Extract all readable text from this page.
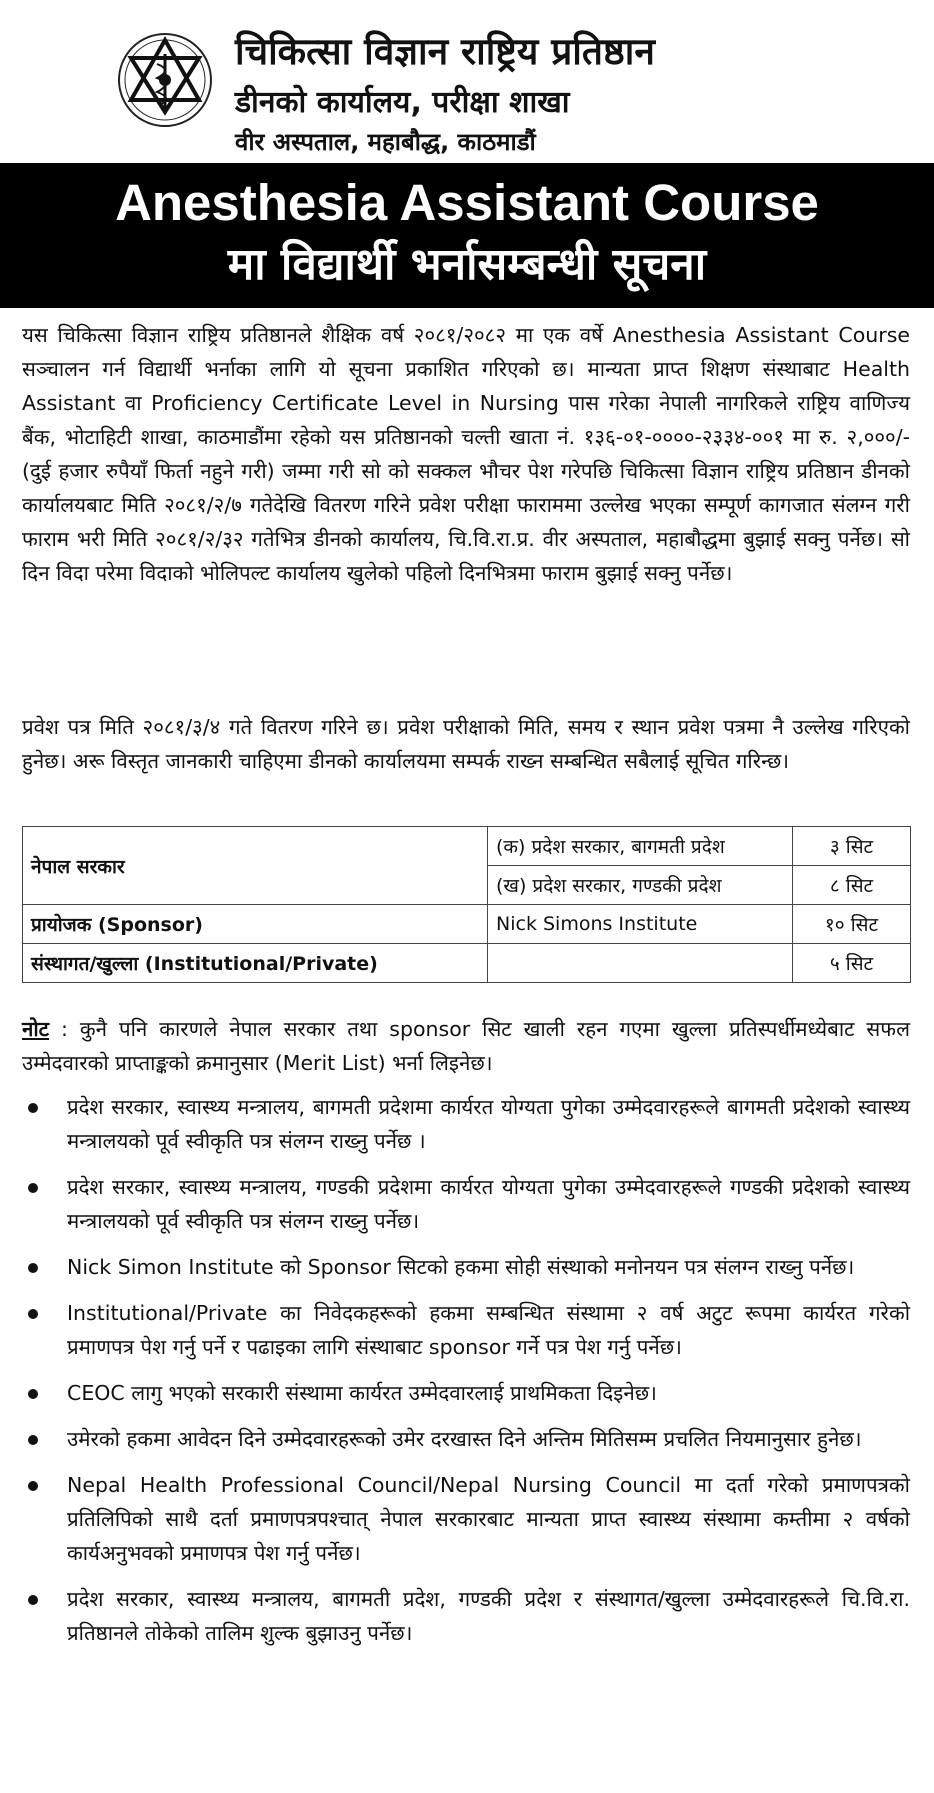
चिकित्सा विज्ञान राष्ट्रिय प्रतिष्ठान
डीनको कार्यालय, परीक्षा शाखा
वीर अस्पताल, महाबौद्ध, काठमाडौं
Anesthesia Assistant Course
मा विद्यार्थी भर्नासम्बन्धी सूचना
यस चिकित्सा विज्ञान राष्ट्रिय प्रतिष्ठानले शैक्षिक वर्ष २०८१/२०८२ मा एक वर्षे Anesthesia Assistant Course सञ्चालन गर्न विद्यार्थी भर्नाका लागि यो सूचना प्रकाशित गरिएको छ। मान्यता प्राप्त शिक्षण संस्थाबाट Health Assistant वा Proficiency Certificate Level in Nursing पास गरेका नेपाली नागरिकले राष्ट्रिय वाणिज्य बैंक, भोटाहिटी शाखा, काठमाडौंमा रहेको यस प्रतिष्ठानको चल्ती खाता नं. १३६-०१-००००-२३३४-००१ मा रु. २,०००/- (दुई हजार रुपैयाँ फिर्ता नहुने गरी) जम्मा गरी सो को सक्कल भौचर पेश गरेपछि चिकित्सा विज्ञान राष्ट्रिय प्रतिष्ठान डीनको कार्यालयबाट मिति २०८१/२/७ गतेदेखि वितरण गरिने प्रवेश परीक्षा फाराममा उल्लेख भएका सम्पूर्ण कागजात संलग्न गरी फाराम भरी मिति २०८१/२/३२ गतेभित्र डीनको कार्यालय, चि.वि.रा.प्र. वीर अस्पताल, महाबौद्धमा बुझाई सक्नु पर्नेछ। सो दिन विदा परेमा विदाको भोलिपल्ट कार्यालय खुलेको पहिलो दिनभित्रमा फाराम बुझाई सक्नु पर्नेछ।
प्रवेश पत्र मिति २०८१/३/४ गते वितरण गरिने छ। प्रवेश परीक्षाको मिति, समय र स्थान प्रवेश पत्रमा नै उल्लेख गरिएको हुनेछ। अरू विस्तृत जानकारी चाहिएमा डीनको कार्यालयमा सम्पर्क राख्न सम्बन्धित सबैलाई सूचित गरिन्छ।
नेपाल सरकार	(क) प्रदेश सरकार, बागमती प्रदेश	३ सिट
	(ख) प्रदेश सरकार, गण्डकी प्रदेश	८ सिट
प्रायोजक (Sponsor)	Nick Simons Institute	१० सिट
संस्थागत/खुल्ला (Institutional/Private)		५ सिट
नोट : कुनै पनि कारणले नेपाल सरकार तथा sponsor सिट खाली रहन गएमा खुल्ला प्रतिस्पर्धीमध्येबाट सफल उम्मेदवारको प्राप्ताङ्कको क्रमानुसार (Merit List) भर्ना लिइनेछ।
प्रदेश सरकार, स्वास्थ्य मन्त्रालय, बागमती प्रदेशमा कार्यरत योग्यता पुगेका उम्मेदवारहरूले बागमती प्रदेशको स्वास्थ्य मन्त्रालयको पूर्व स्वीकृति पत्र संलग्न राख्नु पर्नेछ ।
प्रदेश सरकार, स्वास्थ्य मन्त्रालय, गण्डकी प्रदेशमा कार्यरत योग्यता पुगेका उम्मेदवारहरूले गण्डकी प्रदेशको स्वास्थ्य मन्त्रालयको पूर्व स्वीकृति पत्र संलग्न राख्नु पर्नेछ।
Nick Simon Institute को Sponsor सिटको हकमा सोही संस्थाको मनोनयन पत्र संलग्न राख्नु पर्नेछ।
Institutional/Private का निवेदकहरूको हकमा सम्बन्धित संस्थामा २ वर्ष अटुट रूपमा कार्यरत गरेको प्रमाणपत्र पेश गर्नु पर्ने र पढाइका लागि संस्थाबाट sponsor गर्ने पत्र पेश गर्नु पर्नेछ।
CEOC लागु भएको सरकारी संस्थामा कार्यरत उम्मेदवारलाई प्राथमिकता दिइनेछ।
उमेरको हकमा आवेदन दिने उम्मेदवारहरूको उमेर दरखास्त दिने अन्तिम मितिसम्म प्रचलित नियमानुसार हुनेछ।
Nepal Health Professional Council/Nepal Nursing Council मा दर्ता गरेको प्रमाणपत्रको प्रतिलिपिको साथै दर्ता प्रमाणपत्रपश्चात् नेपाल सरकारबाट मान्यता प्राप्त स्वास्थ्य संस्थामा कम्तीमा २ वर्षको कार्यअनुभवको प्रमाणपत्र पेश गर्नु पर्नेछ।
प्रदेश सरकार, स्वास्थ्य मन्त्रालय, बागमती प्रदेश, गण्डकी प्रदेश र संस्थागत/खुल्ला उम्मेदवारहरूले चि.वि.रा. प्रतिष्ठानले तोकेको तालिम शुल्क बुझाउनु पर्नेछ।
